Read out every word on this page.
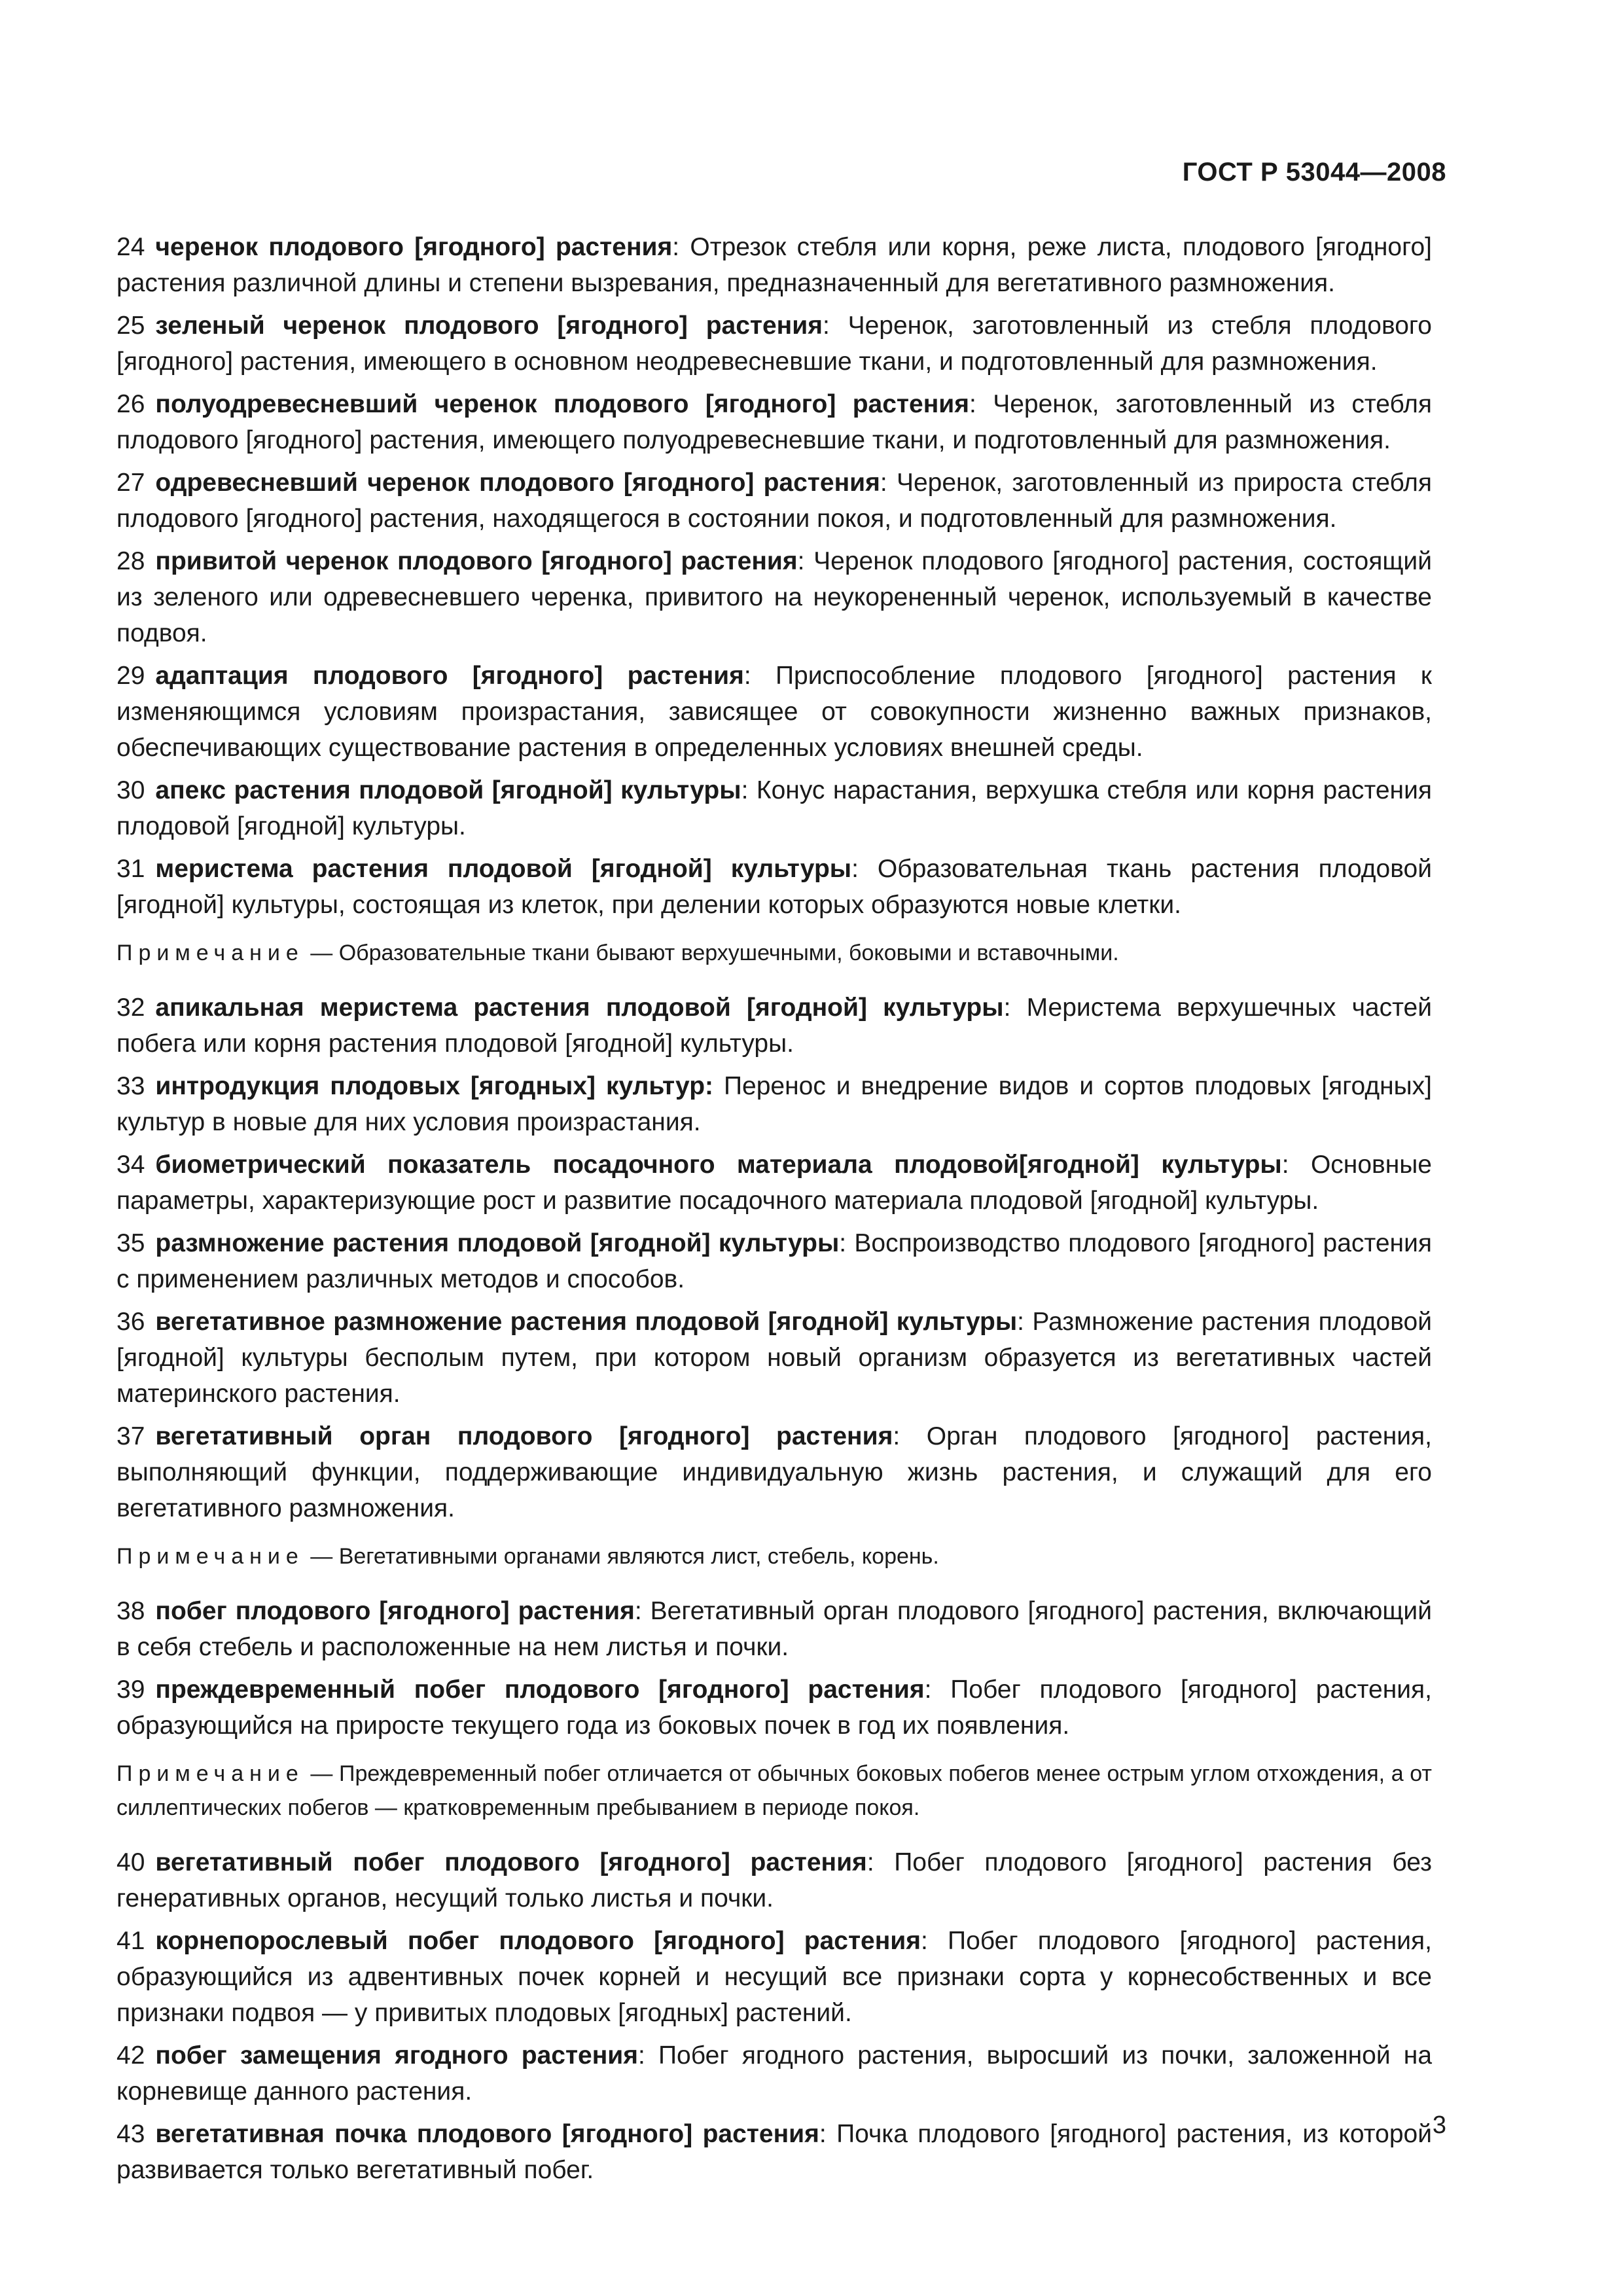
ГОСТ Р 53044—2008

24 черенок плодового [ягодного] растения: Отрезок стебля или корня, реже листа, плодового [ягодного] растения различной длины и степени вызревания, предназначенный для вегетативного размножения.

25 зеленый черенок плодового [ягодного] растения: Черенок, заготовленный из стебля плодового [ягодного] растения, имеющего в основном неодревесневшие ткани, и подготовленный для размножения.

26 полуодревесневший черенок плодового [ягодного] растения: Черенок, заготовленный из стебля плодового [ягодного] растения, имеющего полуодревесневшие ткани, и подготовленный для размножения.

27 одревесневший черенок плодового [ягодного] растения: Черенок, заготовленный из прироста стебля плодового [ягодного] растения, находящегося в состоянии покоя, и подготовленный для размножения.

28 привитой черенок плодового [ягодного] растения: Черенок плодового [ягодного] растения, состоящий из зеленого или одревесневшего черенка, привитого на неукорененный черенок, используемый в качестве подвоя.

29 адаптация плодового [ягодного] растения: Приспособление плодового [ягодного] растения к изменяющимся условиям произрастания, зависящее от совокупности жизненно важных признаков, обеспечивающих существование растения в определенных условиях внешней среды.

30 апекс растения плодовой [ягодной] культуры: Конус нарастания, верхушка стебля или корня растения плодовой [ягодной] культуры.

31 меристема растения плодовой [ягодной] культуры: Образовательная ткань растения плодовой [ягодной] культуры, состоящая из клеток, при делении которых образуются новые клетки.

Примечание — Образовательные ткани бывают верхушечными, боковыми и вставочными.

32 апикальная меристема растения плодовой [ягодной] культуры: Меристема верхушечных частей побега или корня растения плодовой [ягодной] культуры.

33 интродукция плодовых [ягодных] культур: Перенос и внедрение видов и сортов плодовых [ягодных] культур в новые для них условия произрастания.

34 биометрический показатель посадочного материала плодовой[ягодной] культуры: Основные параметры, характеризующие рост и развитие посадочного материала плодовой [ягодной] культуры.

35 размножение растения плодовой [ягодной] культуры: Воспроизводство плодового [ягодного] растения с применением различных методов и способов.

36 вегетативное размножение растения плодовой [ягодной] культуры: Размножение растения плодовой [ягодной] культуры бесполым путем, при котором новый организм образуется из вегетативных частей материнского растения.

37 вегетативный орган плодового [ягодного] растения: Орган плодового [ягодного] растения, выполняющий функции, поддерживающие индивидуальную жизнь растения, и служащий для его вегетативного размножения.

Примечание — Вегетативными органами являются лист, стебель, корень.

38 побег плодового [ягодного] растения: Вегетативный орган плодового [ягодного] растения, включающий в себя стебель и расположенные на нем листья и почки.

39 преждевременный побег плодового [ягодного] растения: Побег плодового [ягодного] растения, образующийся на приросте текущего года из боковых почек в год их появления.

Примечание — Преждевременный побег отличается от обычных боковых побегов менее острым углом отхождения, а от силлептических побегов — кратковременным пребыванием в периоде покоя.

40 вегетативный побег плодового [ягодного] растения: Побег плодового [ягодного] растения без генеративных органов, несущий только листья и почки.

41 корнепорослевый побег плодового [ягодного] растения: Побег плодового [ягодного] растения, образующийся из адвентивных почек корней и несущий все признаки сорта у корнесобственных и все признаки подвоя — у привитых плодовых [ягодных] растений.

42 побег замещения ягодного растения: Побег ягодного растения, выросший из почки, заложенной на корневище данного растения.

43 вегетативная почка плодового [ягодного] растения: Почка плодового [ягодного] растения, из которой развивается только вегетативный побег.

3
